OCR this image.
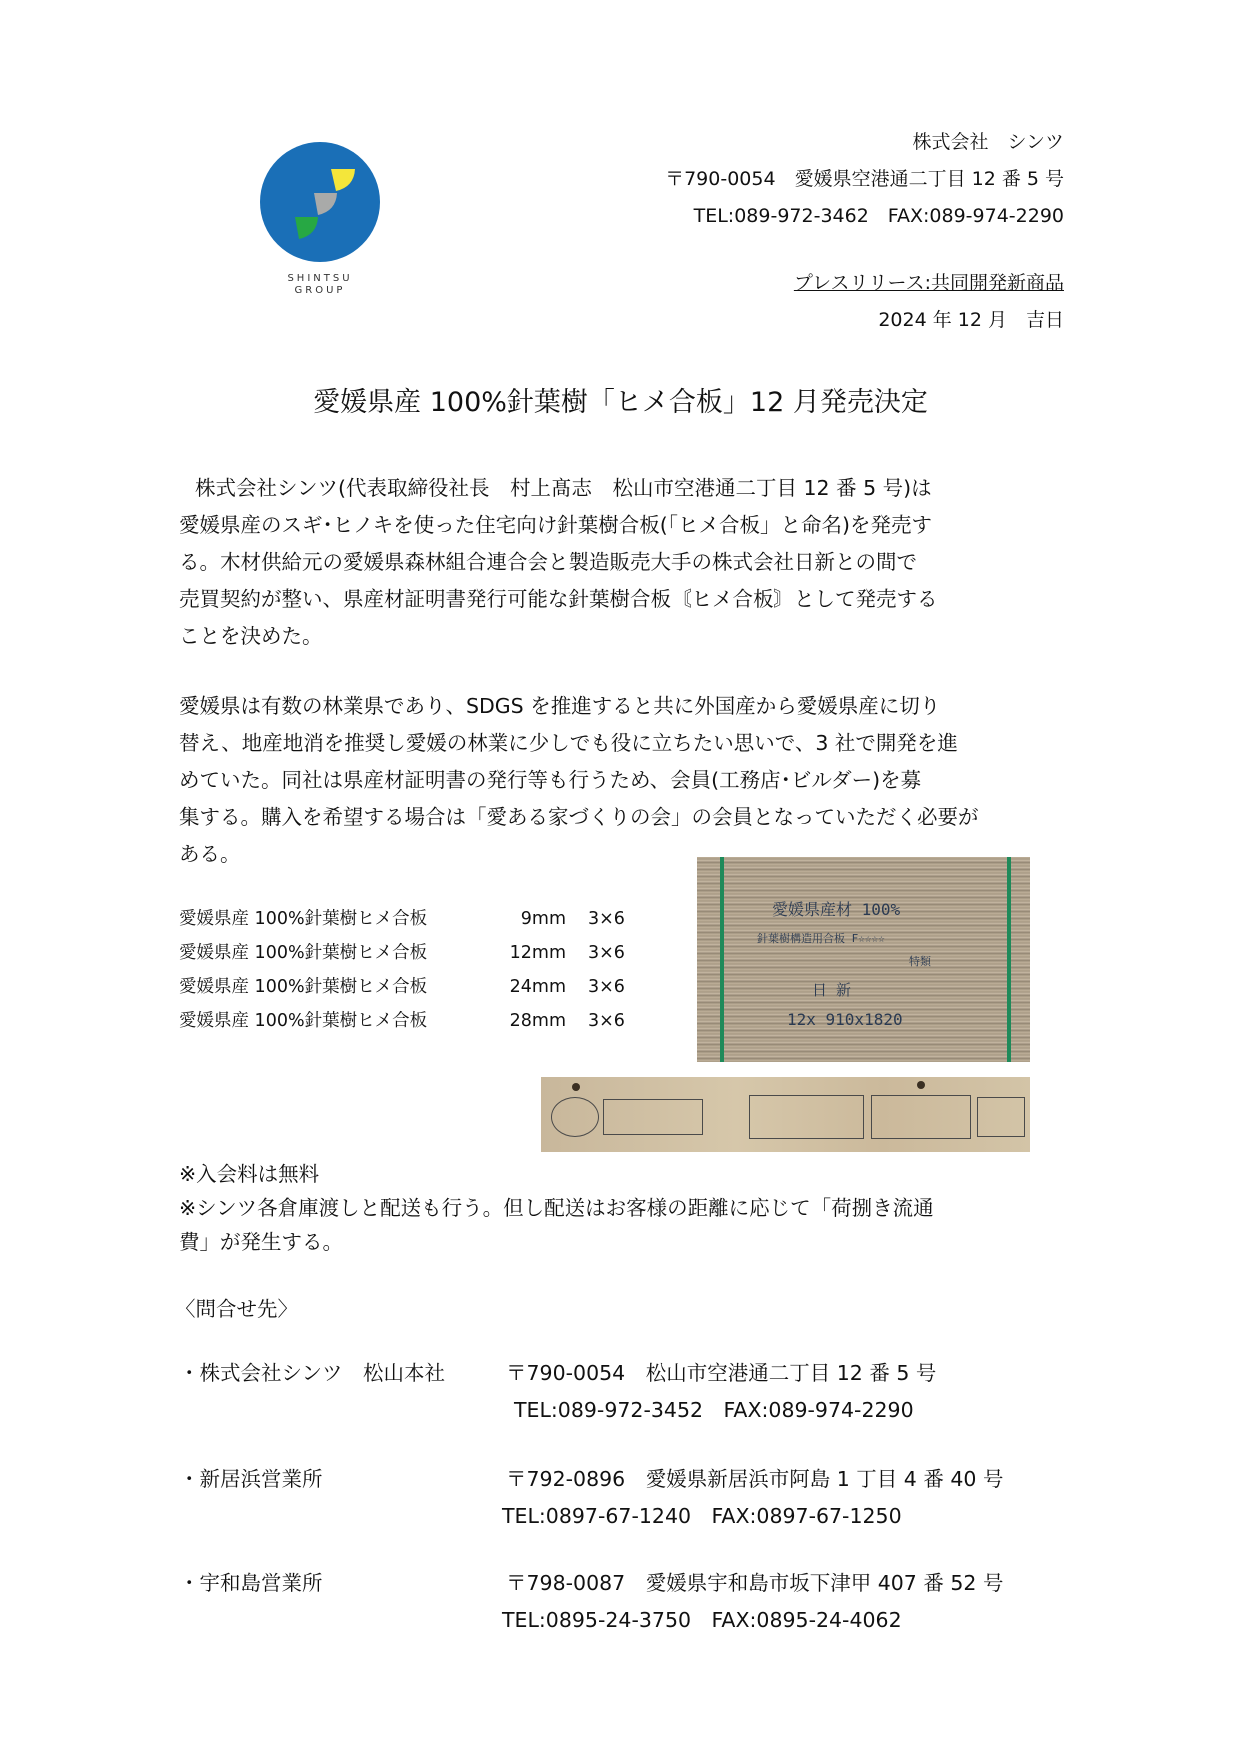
SHINTSU
GROUP
株式会社　シンツ
〒790-0054　愛媛県空港通二丁目 12 番 5 号
TEL:089-972-3462　FAX:089-974-2290
プレスリリース:共同開発新商品
2024 年 12 月　吉日
愛媛県産 100%針葉樹「ヒメ合板」12 月発売決定

株式会社シンツ(代表取締役社長　村上髙志　松山市空港通二丁目 12 番 5 号)は

愛媛県産のスギ･ヒノキを使った住宅向け針葉樹合板(「ヒメ合板」と命名)を発売す

る。木材供給元の愛媛県森林組合連合会と製造販売大手の株式会社日新との間で

売買契約が整い、県産材証明書発行可能な針葉樹合板〘ヒメ合板〙として発売する

ことを決めた。

愛媛県は有数の林業県であり、SDGS を推進すると共に外国産から愛媛県産に切り

替え、地産地消を推奨し愛媛の林業に少しでも役に立ちたい思いで、3 社で開発を進

めていた。同社は県産材証明書の発行等も行うため、会員(工務店･ビルダー)を募

集する。購入を希望する場合は「愛ある家づくりの会」の会員となっていただく必要が

ある。

愛媛県産 100%針葉樹ヒメ合板	9mm 3×6
愛媛県産 100%針葉樹ヒメ合板	12mm 3×6
愛媛県産 100%針葉樹ヒメ合板	24mm 3×6
愛媛県産 100%針葉樹ヒメ合板	28mm 3×6
愛媛県産材 100%
針葉樹構造用合板 F☆☆☆☆
特類
日 新
12x 910x1820

※入会料は無料

※シンツ各倉庫渡しと配送も行う。但し配送はお客様の距離に応じて「荷捌き流通

費」が発生する。

〈問合せ先〉
・株式会社シンツ　松山本社	〒790-0054　松山市空港通二丁目 12 番 5 号
TEL:089-972-3452　FAX:089-974-2290
・新居浜営業所	〒792-0896　愛媛県新居浜市阿島 1 丁目 4 番 40 号
TEL:0897-67-1240　FAX:0897-67-1250
・宇和島営業所	〒798-0087　愛媛県宇和島市坂下津甲 407 番 52 号
TEL:0895-24-3750　FAX:0895-24-4062
